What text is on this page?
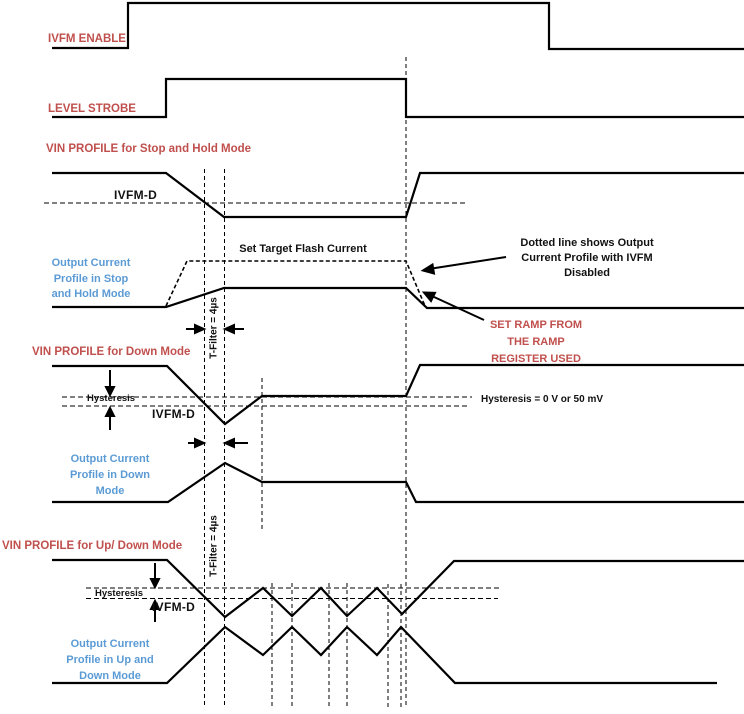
IVFM ENABLE
LEVEL STROBE
VIN PROFILE for Stop and Hold Mode
IVFM-D
Set Target Flash Current
Output Current
Profile in Stop
and Hold Mode
Dotted line shows Output
Current Profile with IVFM
Disabled
SET RAMP FROM
THE RAMP
REGISTER USED
T-Filter = 4µs
VIN PROFILE for Down Mode
Hysteresis
IVFM-D
Hysteresis = 0 V or 50 mV
Output Current
Profile in Down
Mode
T-Filter = 4µs
VIN PROFILE for Up/ Down Mode
Hysteresis
IVFM-D
Output Current
Profile in Up and
Down Mode
